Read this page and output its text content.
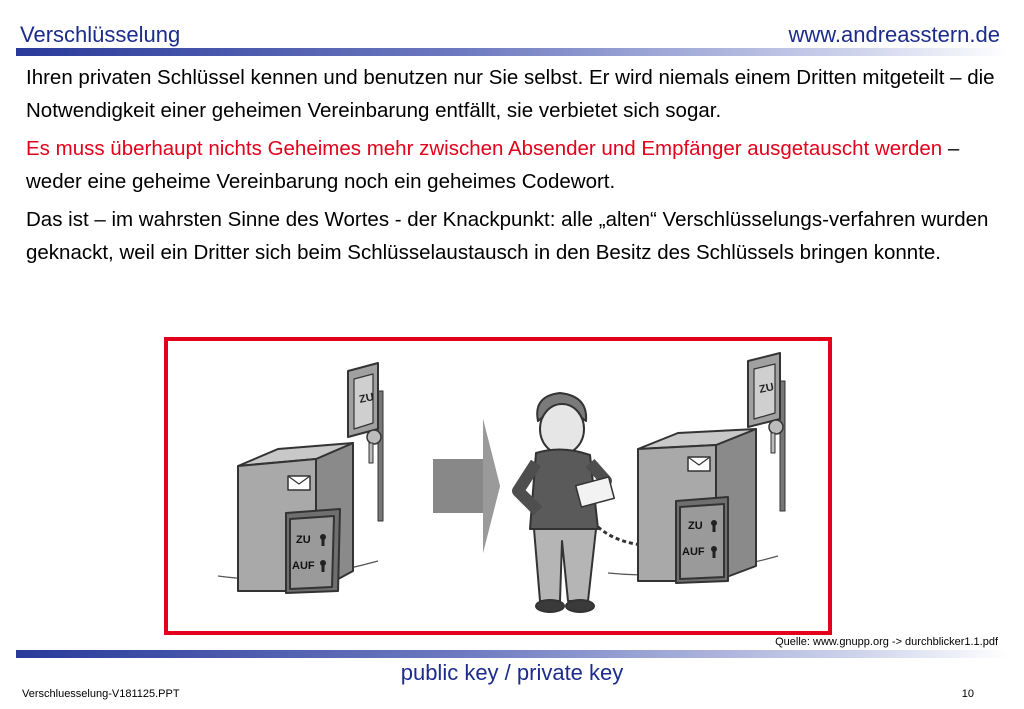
Verschlüsselung	www.andreasstern.de

Ihren privaten Schlüssel kennen und benutzen nur Sie selbst. Er wird niemals einem Dritten mitgeteilt – die Notwendigkeit einer geheimen Vereinbarung entfällt, sie verbietet sich sogar.

Es muss überhaupt nichts Geheimes mehr zwischen Absender und Empfänger ausgetauscht werden – weder eine geheime Vereinbarung noch ein geheimes Codewort.

Das ist – im wahrsten Sinne des Wortes - der Knackpunkt: alle „alten“ Verschlüsselungs-verfahren wurden geknackt, weil ein Dritter sich beim Schlüsselaustausch in den Besitz des Schlüssels bringen konnte.

ZU
ZU
AUF
ZU
ZU
AUF
Quelle: www.gnupp.org -> durchblicker1.1.pdf
public key / private key
Verschluesselung-V181125.PPT	10
